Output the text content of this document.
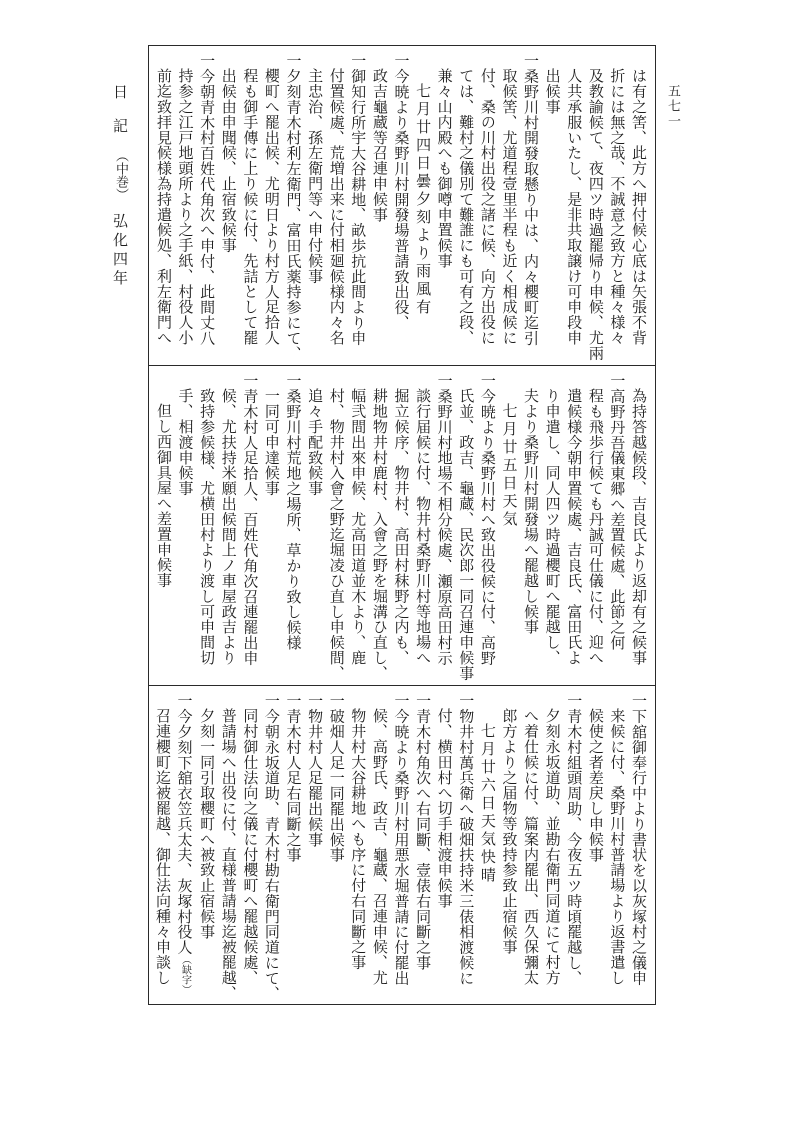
日　記（中巻）弘化四年
五七一

は有之筈、此方へ押付候心底は矢張不背

折には無之哉、不誠意之致方と種々様々

及教諭候て、夜四ツ時過罷帰り申候、尤兩

人共承服いたし、是非共取譲け可申段申

出候事

一桑野川村開發取懸り中は、内々櫻町迄引

取候筈、尤道程壹里半程も近く相成候に

付、桑の川村出役之諸に候、向方出役に

ては、難村之儀別て難誰にも可有之段、

兼々山内殿へも御噂申置候事

七月廿四日曇夕刻より雨風有

一今暁より桑野川村開發場普請致出役、

政吉龜蔵等召連申候事

一御知行所宇大谷耕地、畝歩抗此間より申

付置候處、荒増出来に付相廻候様内々名

主忠治、孫左衛門等へ申付候事

一夕刻青木村利左衛門、富田氏薬持参にて、

櫻町へ罷出候、尤明日より村方人足拾人

程も御手傳に上り候に付、先詰として罷

出候由申聞候、止宿致候事

一今朝青木村百姓代角次へ申付、此間丈八

持参之江戸地頭所より之手紙、村役人小

前迄致拝見候様為持遣候処、利左衛門へ

為持答越候段、吉良氏より返却有之候事

一高野丹吾儀東郷へ差置候處、此節之何

程も飛歩行候ても丹誠可仕儀に付、迎へ

遣候様今朝申置候處、吉良氏、富田氏よ

り申遣し、同人四ツ時過櫻町へ罷越し、

夫より桑野川村開發場へ罷越し候事

七月廿五日天気

一今暁より桑野川村へ致出役候に付、高野

氏並、政吉、龜蔵、民次郎一同召連申候事

一桑野川村地場不相分候處、瀬原高田村示

談行届候に付、物井村桑野川村等地場へ

掘立候序、物井村、高田村秣野之内も、

耕地物井村鹿村、入會之野を堀溝ひ直し、

幅弐間出來申候、尤高田道並木より、鹿

村、物井村入會之野迄堀凌ひ直し申候間、

追々手配致候事

一桑野川村荒地之場所、草かり致し候様

一同可申達候事

一青木村人足拾人、百姓代角次召連罷出申

候、尤扶持米願出候間上ノ車屋政吉より

致持参候様、尤横田村より渡し可申間切

手、相渡申候事

但し西御具屋へ差置申候事

一下舘御奉行中より書状を以灰塚村之儀申

来候に付、桑野川村普請場より返書遣し

候使之者差戻し申候事

一青木村組頭周助、今夜五ツ時頃罷越し、

夕刻永坂道助、並勘右衛門同道にて村方

へ着仕候に付、篇案内罷出、西久保彌太

郎方より之届物等致持参致止宿候事

七月廿六日天気快晴

一物井村萬兵衛へ破畑扶持米三俵相渡候に

付、横田村へ切手相渡申候事

一青木村角次へ右同斷、壹俵右同斷之事

一今暁より桑野川村用悪水堀普請に付罷出

候、高野氏、政吉、龜蔵、召連申候、尤

物井村大谷耕地へも序に付右同斷之事

一破畑人足一同罷出候事

一物井村人足罷出候事

一青木村人足右同斷之事

一今朝永坂道助、青木村勘右衛門同道にて、

同村御仕法向之儀に付櫻町へ罷越候處、

普請場へ出役に付、直様普請場迄被罷越、

夕刻一同引取櫻町へ被致止宿候事

一今夕刻下舘衣笠兵太夫、灰塚村役人（缺字）

召連櫻町迄被罷越、御仕法向種々申談し
